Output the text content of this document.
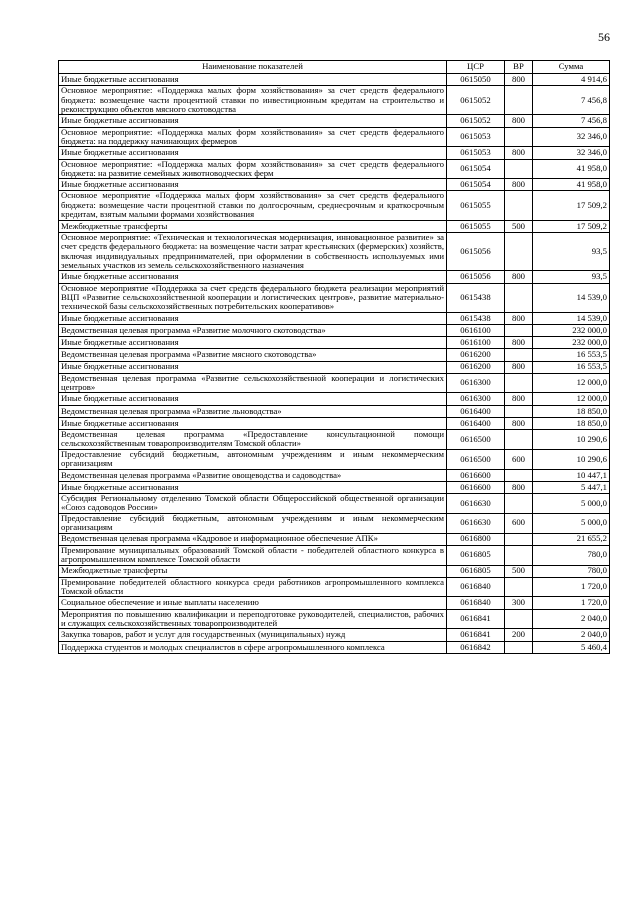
56
Наименование показателей	ЦСР	ВР	Сумма
Иные бюджетные ассигнования	0615050	800	4 914,6
Основное мероприятие: «Поддержка малых форм хозяйствования» за счет средств федерального бюджета: возмещение части процентной ставки по инвестиционным кредитам на строительство и реконструкцию объектов мясного скотоводства	0615052		7 456,8
Иные бюджетные ассигнования	0615052	800	7 456,8
Основное мероприятие: «Поддержка малых форм хозяйствования» за счет средств федерального бюджета: на поддержку начинающих фермеров	0615053		32 346,0
Иные бюджетные ассигнования	0615053	800	32 346,0
Основное мероприятие: «Поддержка малых форм хозяйствования» за счет средств федерального бюджета: на развитие семейных животноводческих ферм	0615054		41 958,0
Иные бюджетные ассигнования	0615054	800	41 958,0
Основное мероприятие «Поддержка малых форм хозяйствования» за счет средств федерального бюджета: возмещение части процентной ставки по долгосрочным, среднесрочным и краткосрочным кредитам, взятым малыми формами хозяйствования	0615055		17 509,2
Межбюджетные трансферты	0615055	500	17 509,2
Основное мероприятие: «Техническая и технологическая модернизация, инновационное развитие» за счет средств федерального бюджета: на возмещение части затрат крестьянских (фермерских) хозяйств, включая индивидуальных предпринимателей, при оформлении в собственность используемых ими земельных участков из земель сельскохозяйственного назначения	0615056		93,5
Иные бюджетные ассигнования	0615056	800	93,5
Основное мероприятие «Поддержка за счет средств федерального бюджета реализации мероприятий ВЦП «Развитие сельскохозяйственной кооперации и логистических центров», развитие материально-технической базы сельскохозяйственных потребительских кооперативов»	0615438		14 539,0
Иные бюджетные ассигнования	0615438	800	14 539,0
Ведомственная целевая программа «Развитие молочного скотоводства»	0616100		232 000,0
Иные бюджетные ассигнования	0616100	800	232 000,0
Ведомственная целевая программа «Развитие мясного скотоводства»	0616200		16 553,5
Иные бюджетные ассигнования	0616200	800	16 553,5
Ведомственная целевая программа «Развитие сельскохозяйственной кооперации и логистических центров»	0616300		12 000,0
Иные бюджетные ассигнования	0616300	800	12 000,0
Ведомственная целевая программа «Развитие льноводства»	0616400		18 850,0
Иные бюджетные ассигнования	0616400	800	18 850,0
Ведомственная целевая программа «Предоставление консультационной помощи сельскохозяйственным товаропроизводителям Томской области»	0616500		10 290,6
Предоставление субсидий бюджетным, автономным учреждениям и иным некоммерческим организациям	0616500	600	10 290,6
Ведомственная целевая программа «Развитие овощеводства и садоводства»	0616600		10 447,1
Иные бюджетные ассигнования	0616600	800	5 447,1
Субсидия Региональному отделению Томской области Общероссийской общественной организации «Союз садоводов России»	0616630		5 000,0
Предоставление субсидий бюджетным, автономным учреждениям и иным некоммерческим организациям	0616630	600	5 000,0
Ведомственная целевая программа «Кадровое и информационное обеспечение АПК»	0616800		21 655,2
Премирование муниципальных образований Томской области - победителей областного конкурса в агропромышленном комплексе Томской области	0616805		780,0
Межбюджетные трансферты	0616805	500	780,0
Премирование победителей областного конкурса среди работников агропромышленного комплекса Томской области	0616840		1 720,0
Социальное обеспечение и иные выплаты населению	0616840	300	1 720,0
Мероприятия по повышению квалификации и переподготовке руководителей, специалистов, рабочих и служащих сельскохозяйственных товаропроизводителей	0616841		2 040,0
Закупка товаров, работ и услуг для государственных (муниципальных) нужд	0616841	200	2 040,0
Поддержка студентов и молодых специалистов в сфере агропромышленного комплекса	0616842		5 460,4
